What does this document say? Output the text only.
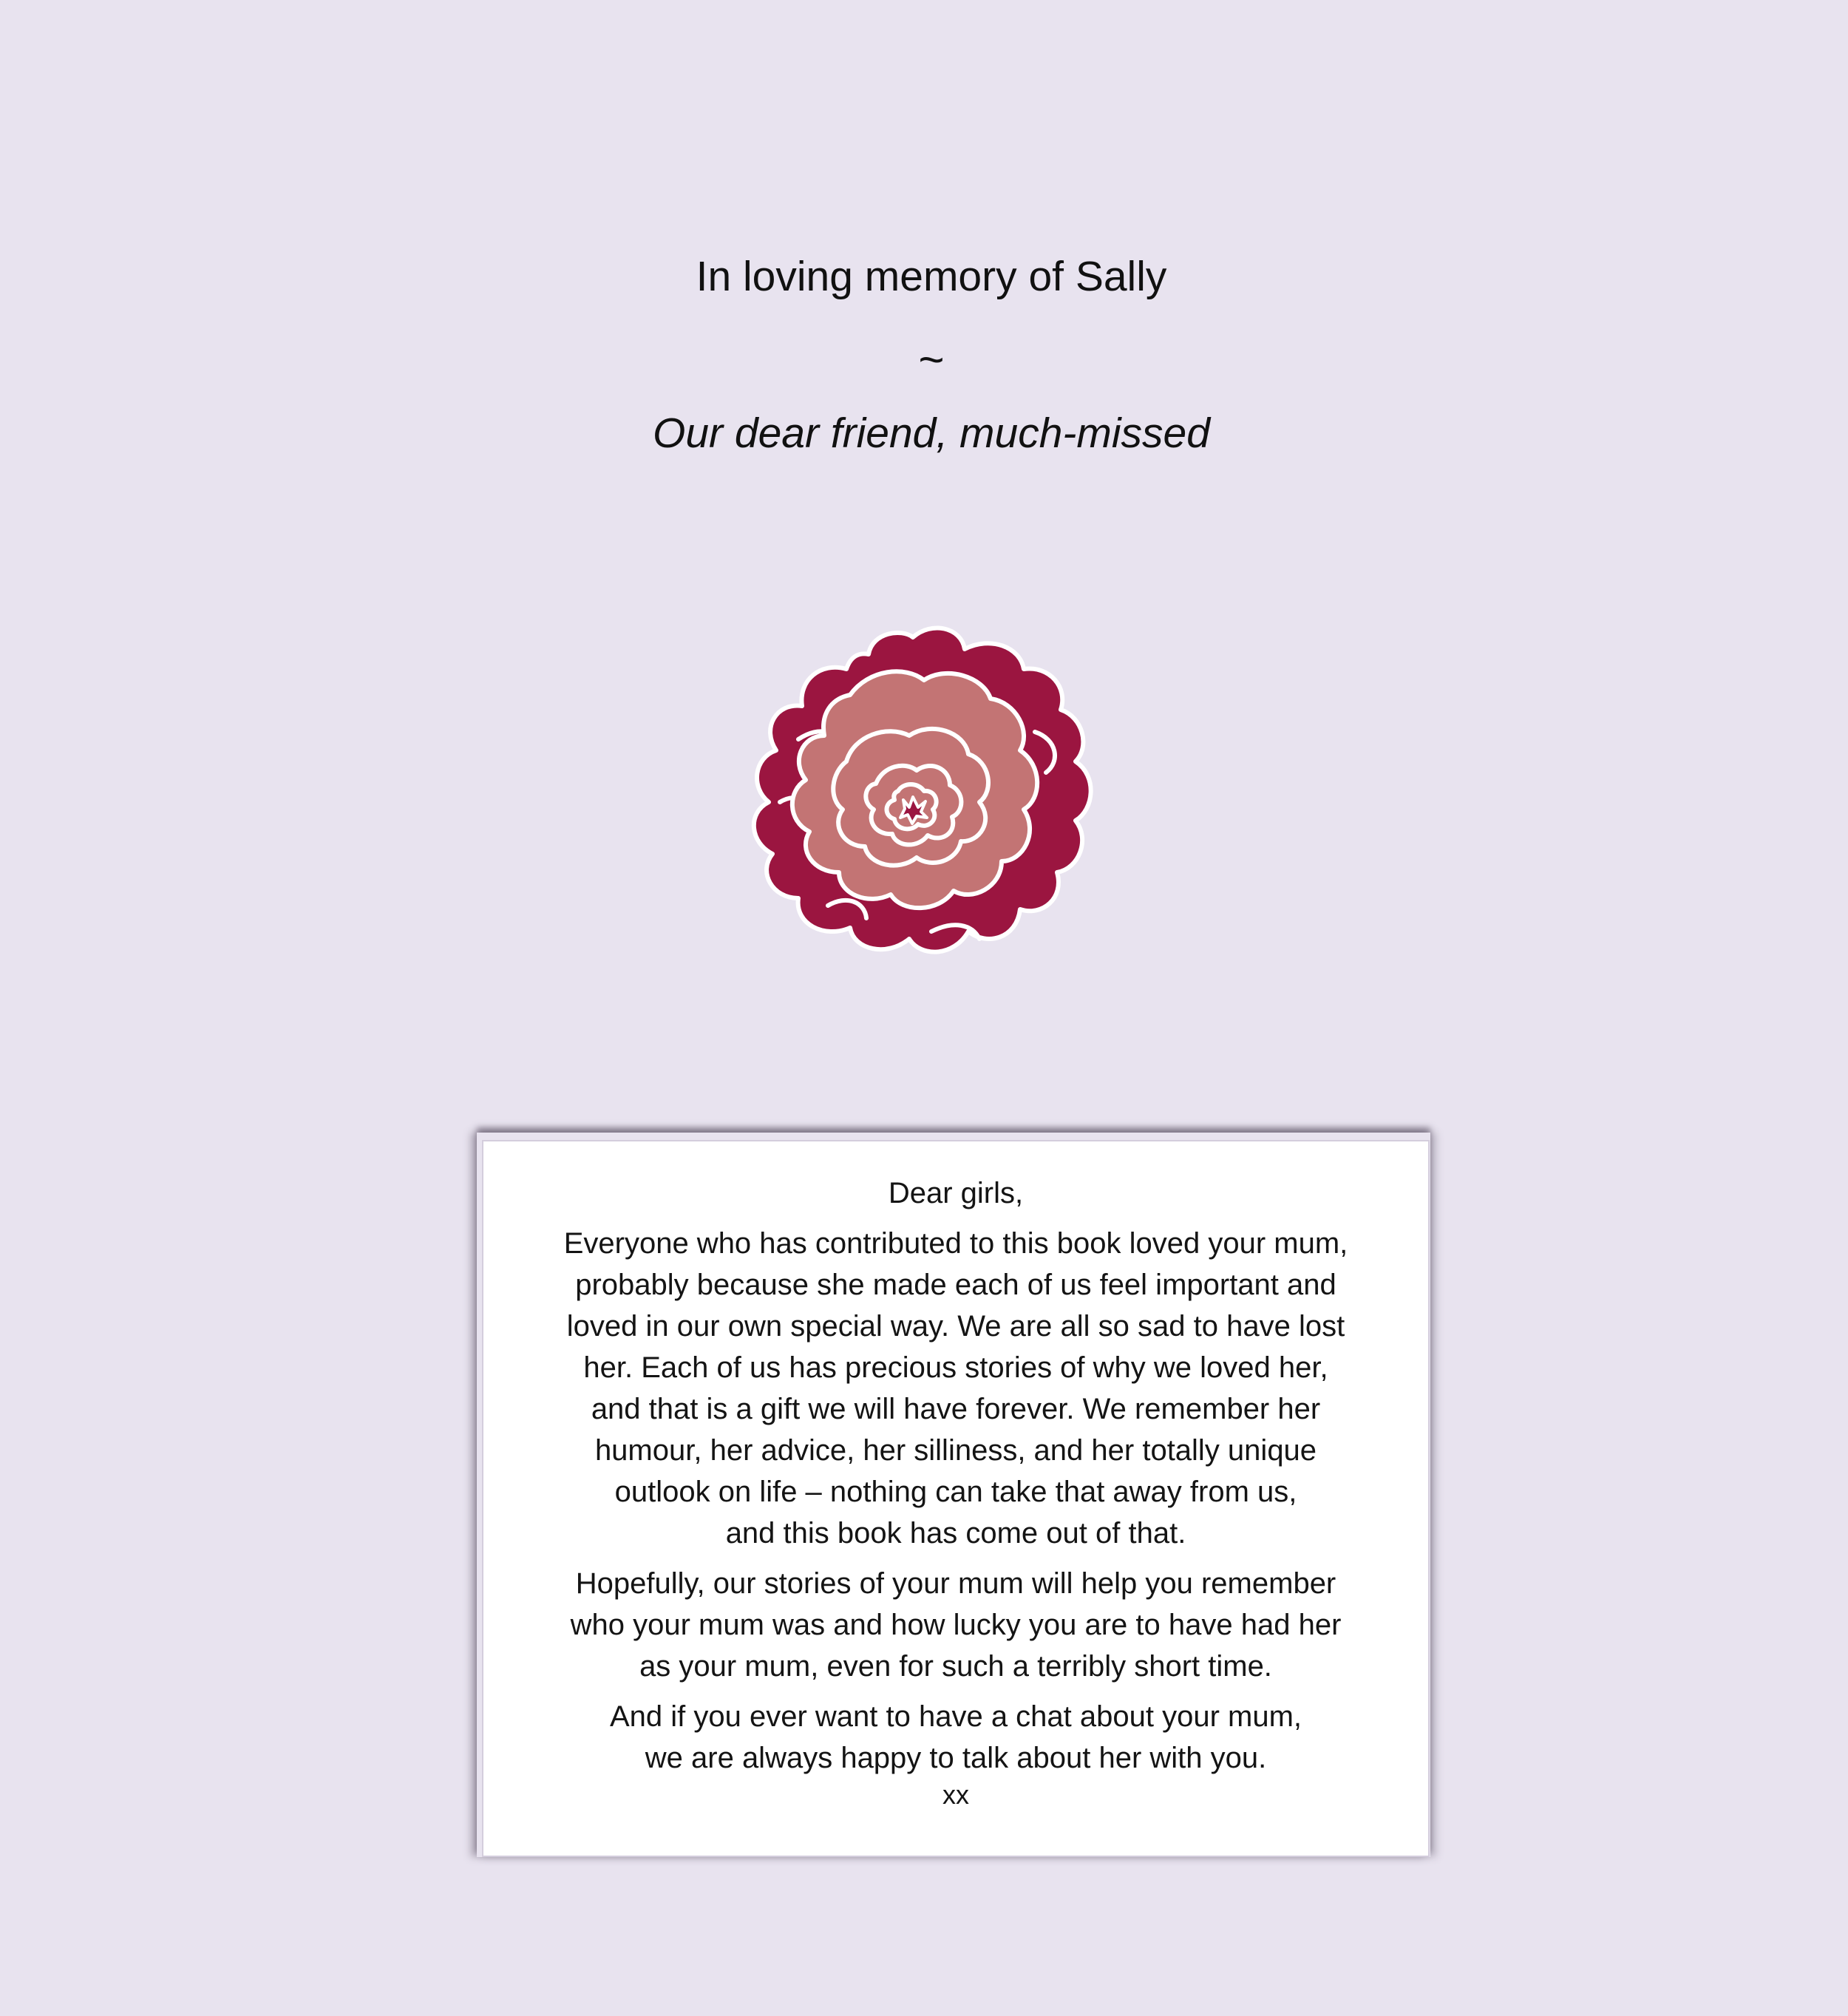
In loving memory of Sally
~
Our dear friend, much-missed
Dear girls,
Everyone who has contributed to this book loved your mum,
probably because she made each of us feel important and
loved in our own special way. We are all so sad to have lost
her. Each of us has precious stories of why we loved her,
and that is a gift we will have forever. We remember her
humour, her advice, her silliness, and her totally unique
outlook on life – nothing can take that away from us,
and this book has come out of that.
Hopefully, our stories of your mum will help you remember
who your mum was and how lucky you are to have had her
as your mum, even for such a terribly short time.
And if you ever want to have a chat about your mum,
we are always happy to talk about her with you.
xx
